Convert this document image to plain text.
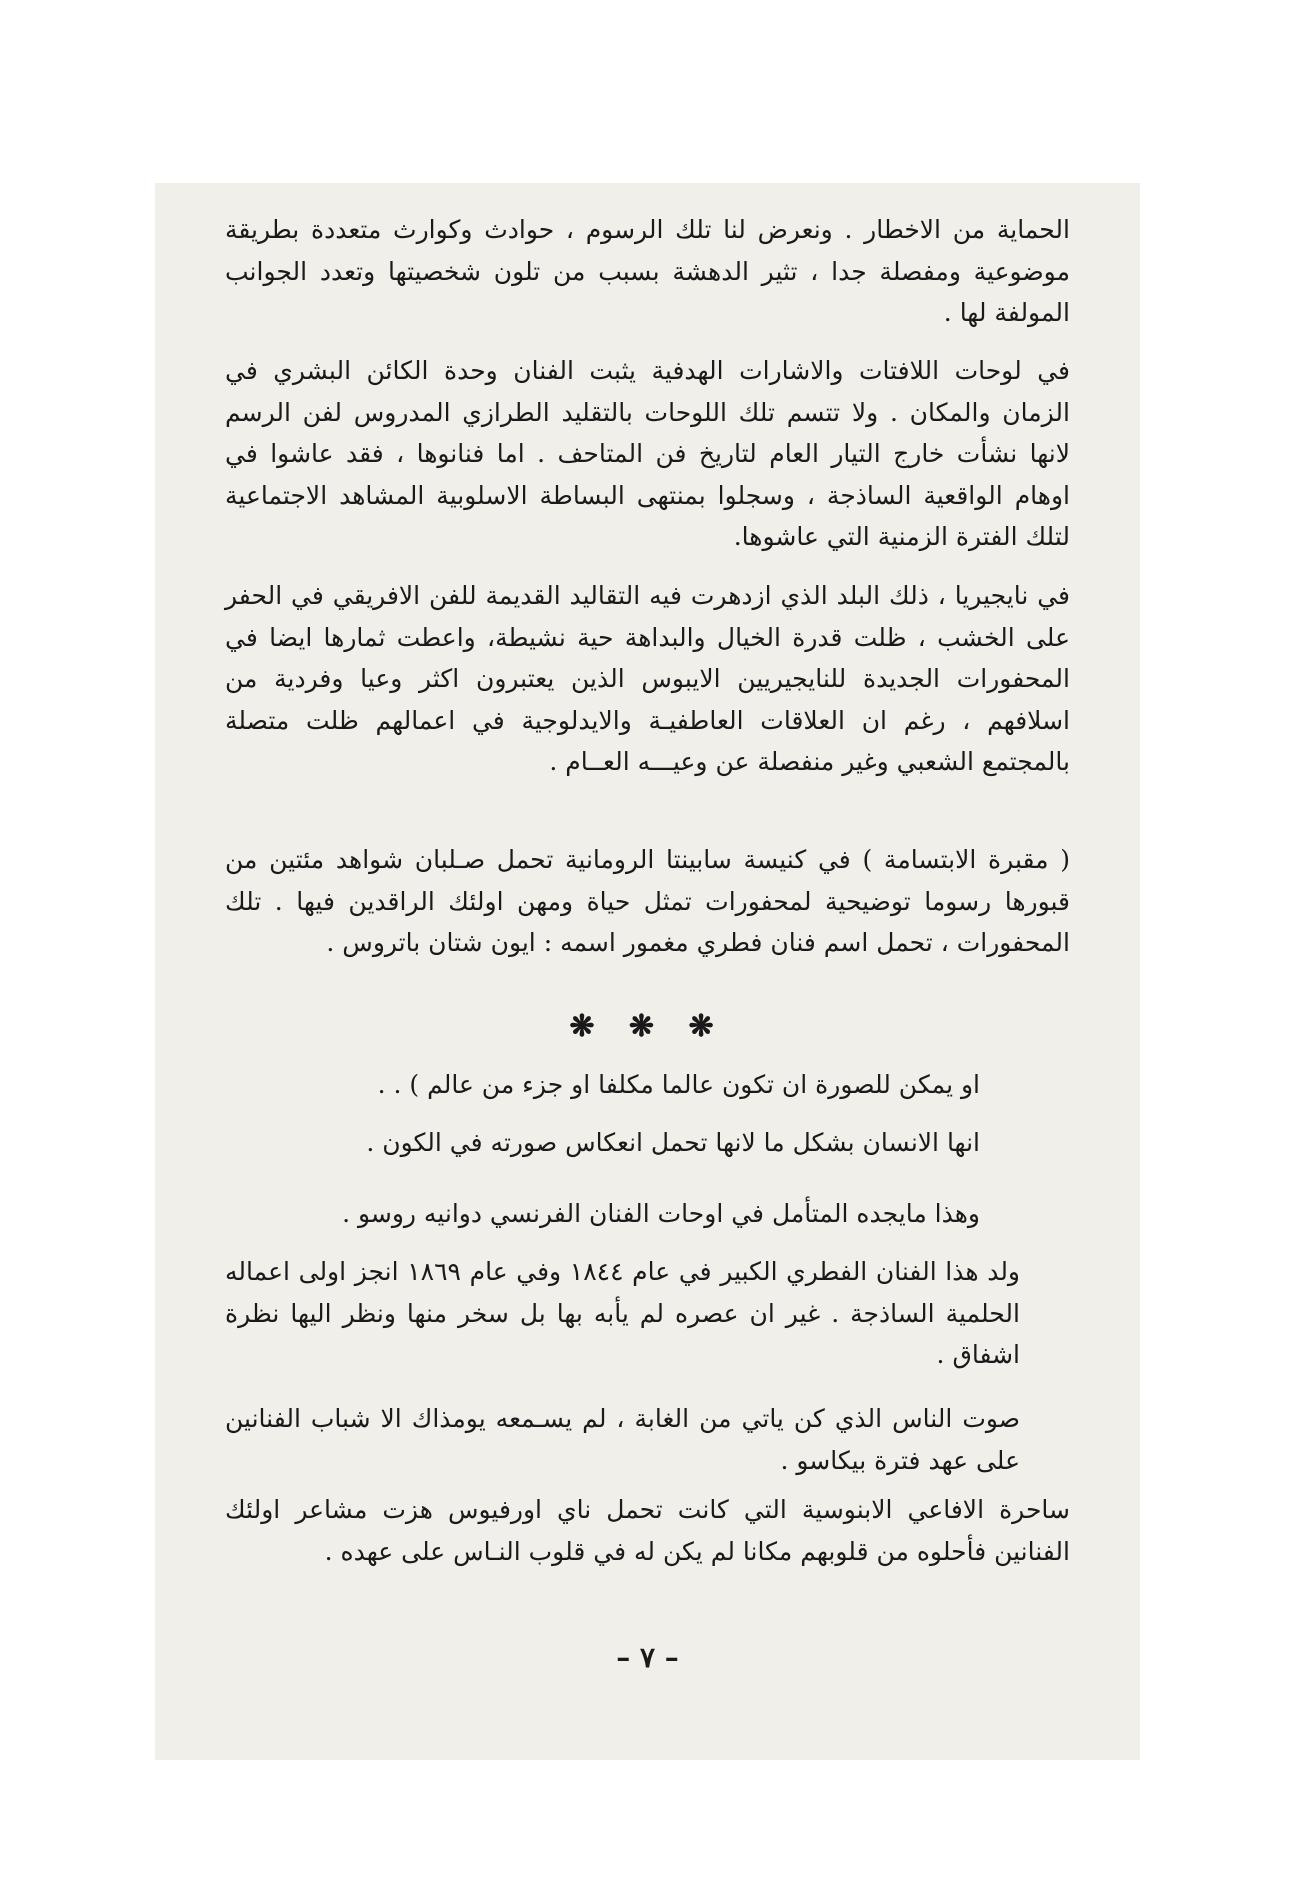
الحماية من الاخطار . ونعرض لنا تلك الرسوم ، حوادث وكوارث متعددة بطريقة موضوعية ومفصلة جدا ، تثير الدهشة بسبب من تلون شخصيتها وتعدد الجوانب المولفة لها .

في لوحات اللافتات والاشارات الهدفية يثبت الفنان وحدة الكائن البشري في الزمان والمكان . ولا تتسم تلك اللوحات بالتقليد الطرازي المدروس لفن الرسم لانها نشأت خارج التيار العام لتاريخ فن المتاحف . اما فنانوها ، فقد عاشوا في اوهام الواقعية الساذجة ، وسجلوا بمنتهى البساطة الاسلوبية المشاهد الاجتماعية لتلك الفترة الزمنية التي عاشوها.

في نايجيريا ، ذلك البلد الذي ازدهرت فيه التقاليد القديمة للفن الافريقي في الحفر على الخشب ، ظلت قدرة الخيال والبداهة حية نشيطة، واعطت ثمارها ايضا في المحفورات الجديدة للنايجيريين الايبوس الذين يعتبرون اكثر وعيا وفردية من اسلافهم ، رغم ان العلاقات العاطفيـة والايدلوجية في اعمالهم ظلت متصلة بالمجتمع الشعبي وغير منفصلة عن وعيـــه العــام .

( مقبرة الابتسامة ) في كنيسة سابينتا الرومانية تحمل صـلبان شواهد مئتين من قبورها رسوما توضيحية لمحفورات تمثل حياة ومهن اولئك الراقدين فيها . تلك المحفورات ، تحمل اسم فنان فطري مغمور اسمه : ايون شتان باتروس .

❋ ❋ ❋

او يمكن للصورة ان تكون عالما مكلفا او جزء من عالم ) . .

انها الانسان بشكل ما لانها تحمل انعكاس صورته في الكون .

وهذا مايجده المتأمل في اوحات الفنان الفرنسي دوانيه روسو .

ولد هذا الفنان الفطري الكبير في عام ١٨٤٤ وفي عام ١٨٦٩ انجز اولى اعماله الحلمية الساذجة . غير ان عصره لم يأبه بها بل سخر منها ونظر اليها نظرة اشفاق .

صوت الناس الذي كن ياتي من الغابة ، لم يسـمعه يومذاك الا شباب الفنانين على عهد فترة بيكاسو .

ساحرة الافاعي الابنوسية التي كانت تحمل ناي اورفيوس هزت مشاعر اولئك الفنانين فأحلوه من قلوبهم مكانا لم يكن له في قلوب النـاس على عهده .

– ٧ –
